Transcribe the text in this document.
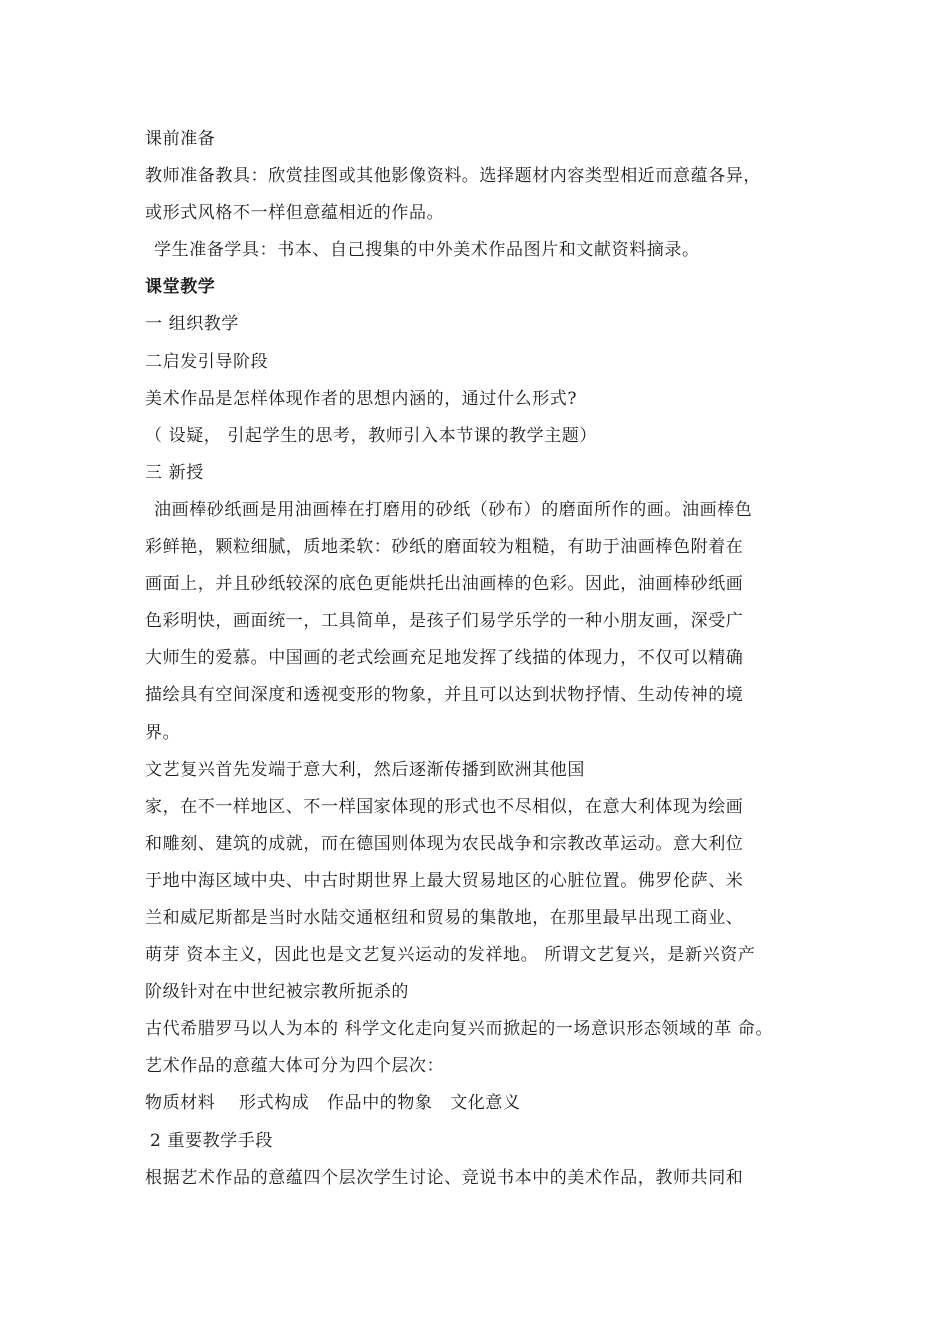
课前准备
教师准备教具：欣赏挂图或其他影像资料。选择题材内容类型相近而意蕴各异，
或形式风格不一样但意蕴相近的作品。
学生准备学具：书本、自己搜集的中外美术作品图片和文献资料摘录。
课堂教学
一 组织教学
二启发引导阶段
美术作品是怎样体现作者的思想内涵的，通过什么形式?
（ 设疑， 引起学生的思考，教师引入本节课的教学主题）
三 新授
油画棒砂纸画是用油画棒在打磨用的砂纸（砂布）的磨面所作的画。油画棒色
彩鲜艳，颗粒细腻，质地柔软：砂纸的磨面较为粗糙，有助于油画棒色附着在
画面上，并且砂纸较深的底色更能烘托出油画棒的色彩。因此，油画棒砂纸画
色彩明快，画面统一，工具简单，是孩子们易学乐学的一种小朋友画，深受广
大师生的爱慕。中国画的老式绘画充足地发挥了线描的体现力，不仅可以精确
描绘具有空间深度和透视变形的物象，并且可以达到状物抒情、生动传神的境
界。
文艺复兴首先发端于意大利，然后逐渐传播到欧洲其他国
家，在不一样地区、不一样国家体现的形式也不尽相似，在意大利体现为绘画
和雕刻、建筑的成就，而在德国则体现为农民战争和宗教改革运动。意大利位
于地中海区域中央、中古时期世界上最大贸易地区的心脏位置。佛罗伦萨、米
兰和威尼斯都是当时水陆交通枢纽和贸易的集散地，在那里最早出现工商业、
萌芽 资本主义，因此也是文艺复兴运动的发祥地。 所谓文艺复兴，是新兴资产
阶级针对在中世纪被宗教所扼杀的
古代希腊罗马以人为本的 科学文化走向复兴而掀起的一场意识形态领域的革 命。
艺术作品的意蕴大体可分为四个层次：
物质材料　 形式构成　作品中的物象　文化意义
2 重要教学手段
根据艺术作品的意蕴四个层次学生讨论、竞说书本中的美术作品，教师共同和
